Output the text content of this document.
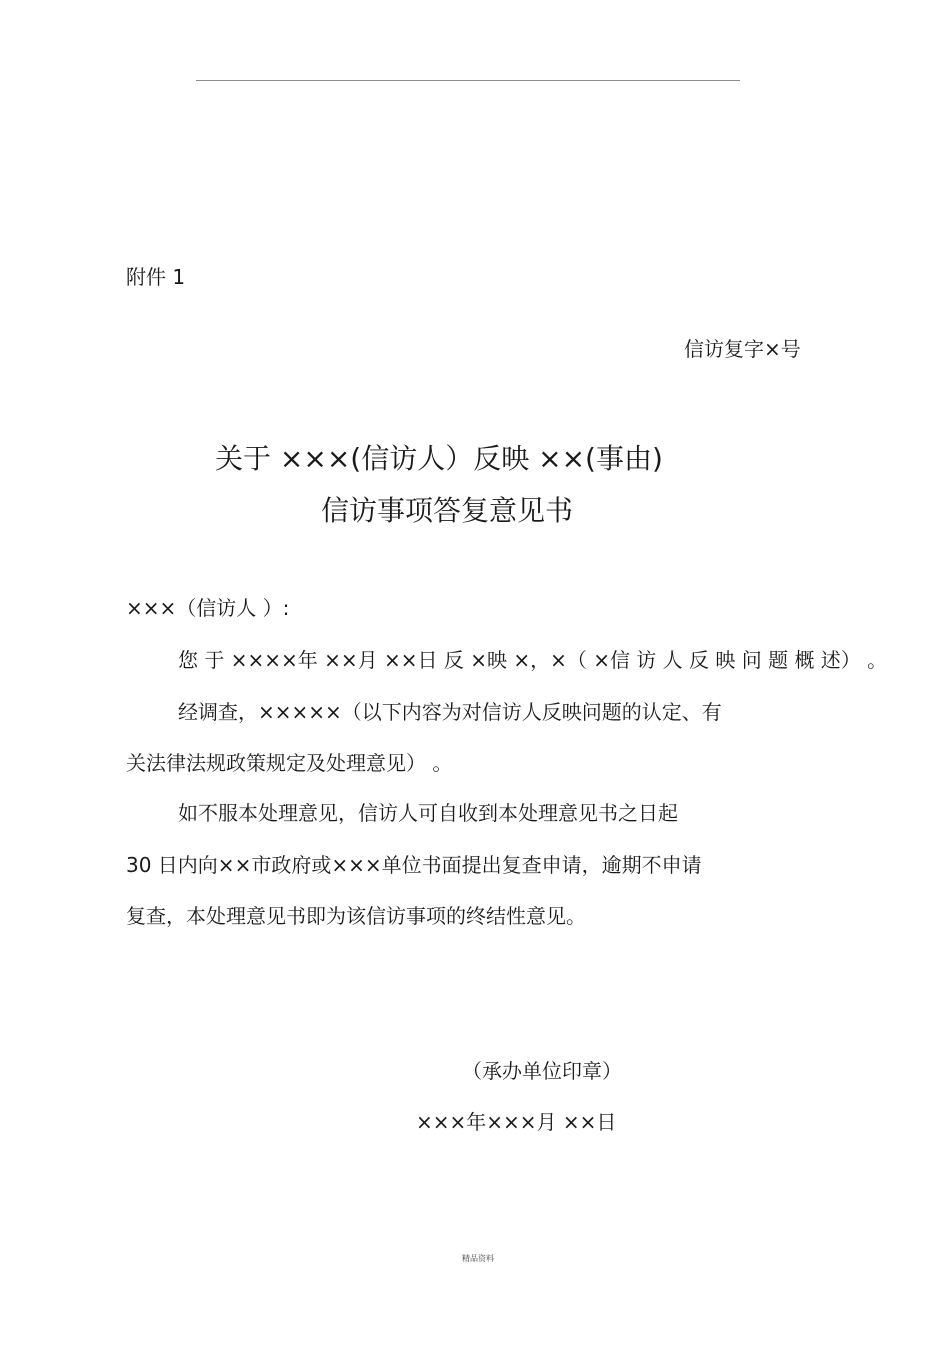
附件 1
信访复字×号
关于 ×××(信访人）反映 ××(事由)
信访事项答复意见书
×××（信访人 ）:
您 于 ××××年 ××月 ××日 反 ×映 ×，×（ ×信 访 人 反 映 问 题 概 述） 。
经调查，×××××（以下内容为对信访人反映问题的认定、有
关法律法规政策规定及处理意见） 。
如不服本处理意见，信访人可自收到本处理意见书之日起
30 日内向××市政府或×××单位书面提出复查申请，逾期不申请
复查，本处理意见书即为该信访事项的终结性意见。
（承办单位印章）
×××年×××月 ××日
精品资料
